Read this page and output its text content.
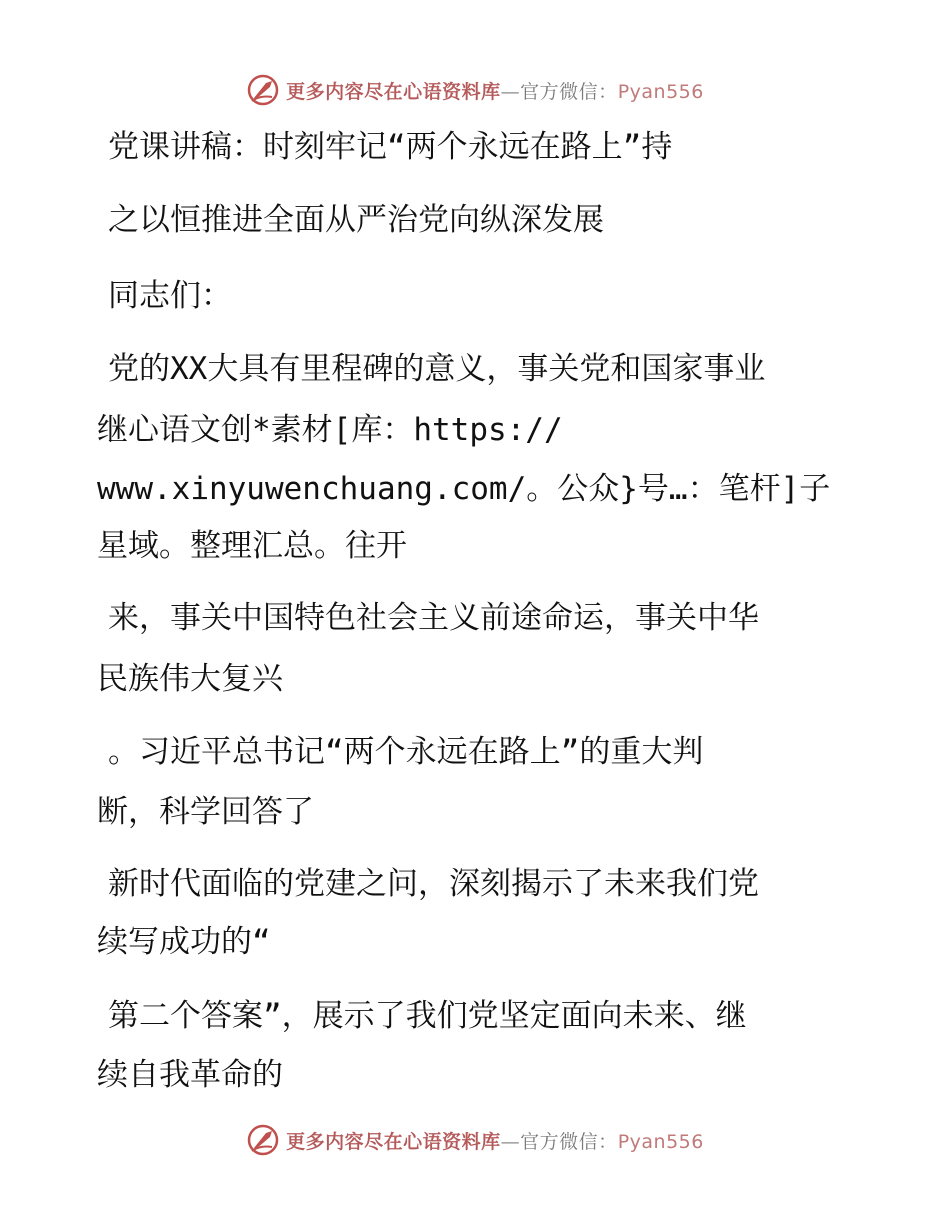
更多内容尽在心语资料库—官方微信：Pyan556
党课讲稿：时刻牢记“两个永远在路上”持
之以恒推进全面从严治党向纵深发展
同志们：
党的XX大具有里程碑的意义，事关党和国家事业
继心语文创*素材[库：https://
www.xinyuwenchuang.com/。公众}号…：笔杆]子
星域。整理汇总。往开
来，事关中国特色社会主义前途命运，事关中华
民族伟大复兴
。习近平总书记“两个永远在路上”的重大判
断，科学回答了
新时代面临的党建之问，深刻揭示了未来我们党
续写成功的“
第二个答案”，展示了我们党坚定面向未来、继
续自我革命的
更多内容尽在心语资料库—官方微信：Pyan556
